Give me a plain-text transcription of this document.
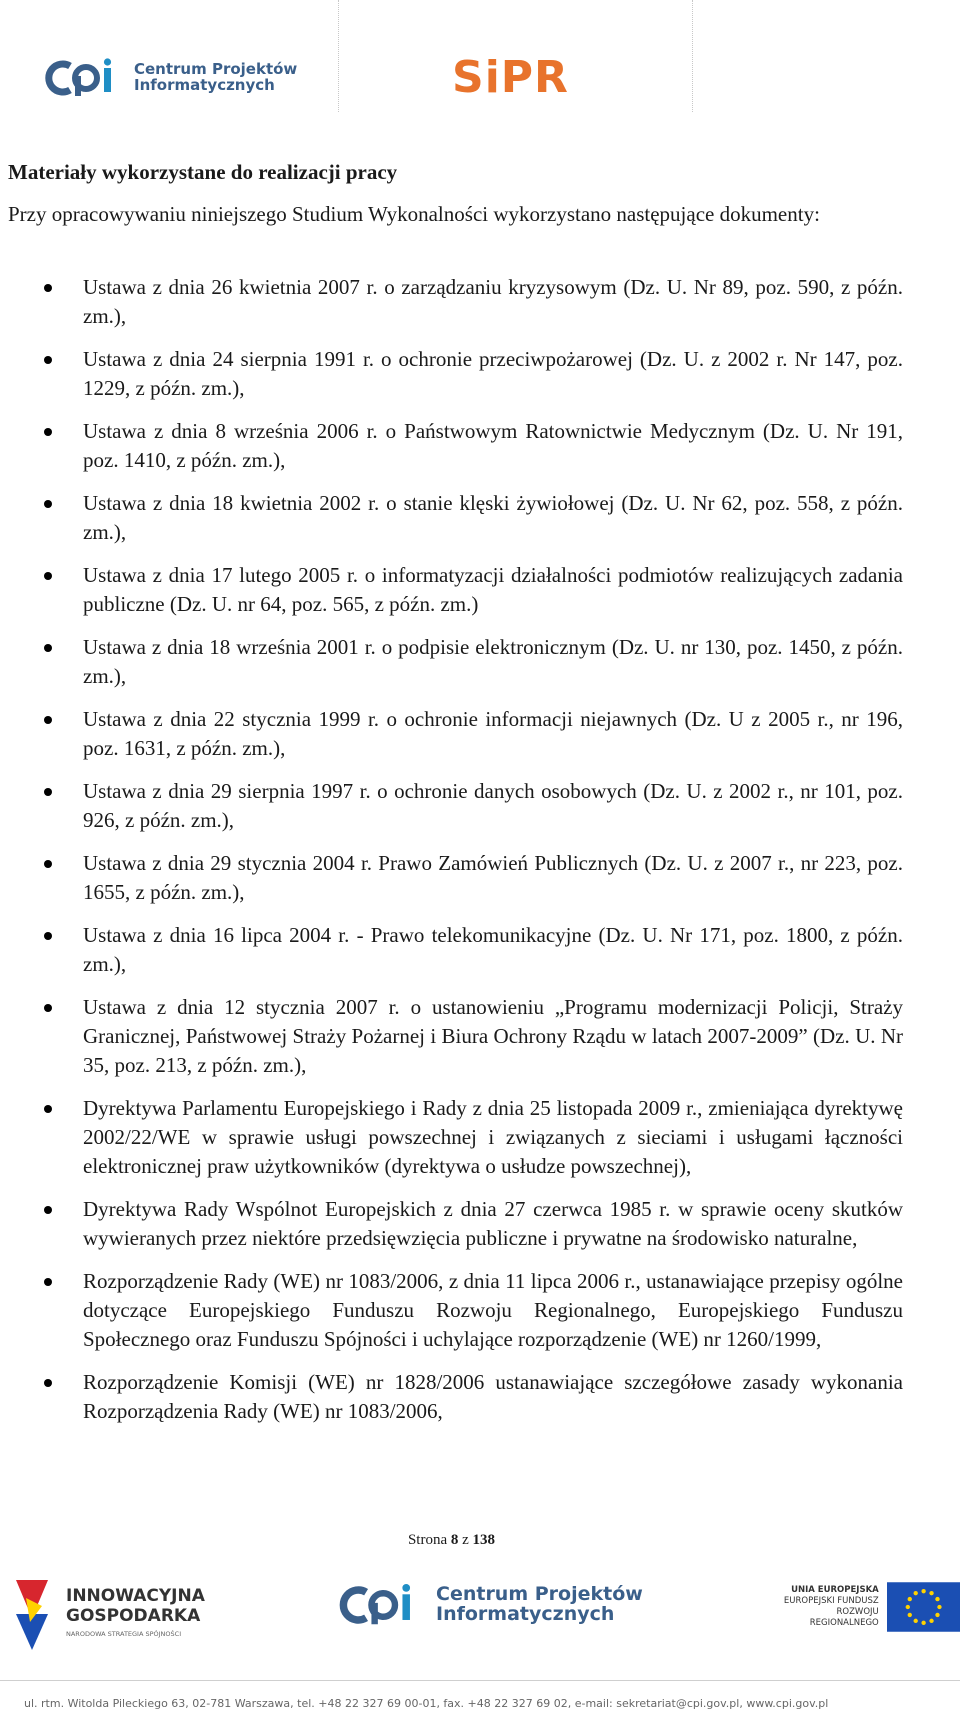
Centrum Projektów
Informatycznych	SiPR
Materiały wykorzystane do realizacji pracy

Przy opracowywaniu niniejszego Studium Wykonalności wykorzystano następujące dokumenty:

Ustawa z dnia 26 kwietnia 2007 r. o zarządzaniu kryzysowym (Dz. U. Nr 89, poz. 590, z późn. zm.),
Ustawa z dnia 24 sierpnia 1991 r. o ochronie przeciwpożarowej (Dz. U. z 2002 r. Nr 147, poz. 1229, z późn. zm.),
Ustawa z dnia 8 września 2006 r. o Państwowym Ratownictwie Medycznym (Dz. U. Nr 191, poz. 1410, z późn. zm.),
Ustawa z dnia 18 kwietnia 2002 r. o stanie klęski żywiołowej (Dz. U. Nr 62, poz. 558, z późn. zm.),
Ustawa z dnia 17 lutego 2005 r. o informatyzacji działalności podmiotów realizujących zadania publiczne (Dz. U. nr 64, poz. 565, z późn. zm.)
Ustawa z dnia 18 września 2001 r. o podpisie elektronicznym (Dz. U. nr 130, poz. 1450, z późn. zm.),
Ustawa z dnia 22 stycznia 1999 r. o ochronie informacji niejawnych (Dz. U z 2005 r., nr 196, poz. 1631, z późn. zm.),
Ustawa z dnia 29 sierpnia 1997 r. o ochronie danych osobowych (Dz. U. z 2002 r., nr 101, poz. 926, z późn. zm.),
Ustawa z dnia 29 stycznia 2004 r. Prawo Zamówień Publicznych (Dz. U. z 2007 r., nr 223, poz. 1655, z późn. zm.),
Ustawa z dnia 16 lipca 2004 r. - Prawo telekomunikacyjne (Dz. U. Nr 171, poz. 1800, z późn. zm.),
Ustawa z dnia 12 stycznia 2007 r. o ustanowieniu „Programu modernizacji Policji, Straży Granicznej, Państwowej Straży Pożarnej i Biura Ochrony Rządu w latach 2007-2009” (Dz. U. Nr 35, poz. 213, z późn. zm.),
Dyrektywa Parlamentu Europejskiego i Rady z dnia 25 listopada 2009 r., zmieniająca dyrektywę 2002/22/WE w sprawie usługi powszechnej i związanych z sieciami i usługami łączności elektronicznej praw użytkowników (dyrektywa o usłudze powszechnej),
Dyrektywa Rady Wspólnot Europejskich z dnia 27 czerwca 1985 r. w sprawie oceny skutków wywieranych przez niektóre przedsięwzięcia publiczne i prywatne na środowisko naturalne,
Rozporządzenie Rady (WE) nr 1083/2006, z dnia 11 lipca 2006 r., ustanawiające przepisy ogólne dotyczące Europejskiego Funduszu Rozwoju Regionalnego, Europejskiego Funduszu Społecznego oraz Funduszu Spójności i uchylające rozporządzenie (WE) nr 1260/1999,
Rozporządzenie Komisji (WE) nr 1828/2006 ustanawiające szczegółowe zasady wykonania Rozporządzenia Rady (WE) nr 1083/2006,
Strona 8 z 138
INNOWACYJNA
GOSPODARKA
NARODOWA STRATEGIA SPÓJNOŚCI
Centrum Projektów
Informatycznych
UNIA EUROPEJSKA
EUROPEJSKI FUNDUSZ
ROZWOJU REGIONALNEGO
ul. rtm. Witolda Pileckiego 63, 02-781 Warszawa, tel. +48 22 327 69 00-01, fax. +48 22 327 69 02, e-mail: sekretariat@cpi.gov.pl, www.cpi.gov.pl
